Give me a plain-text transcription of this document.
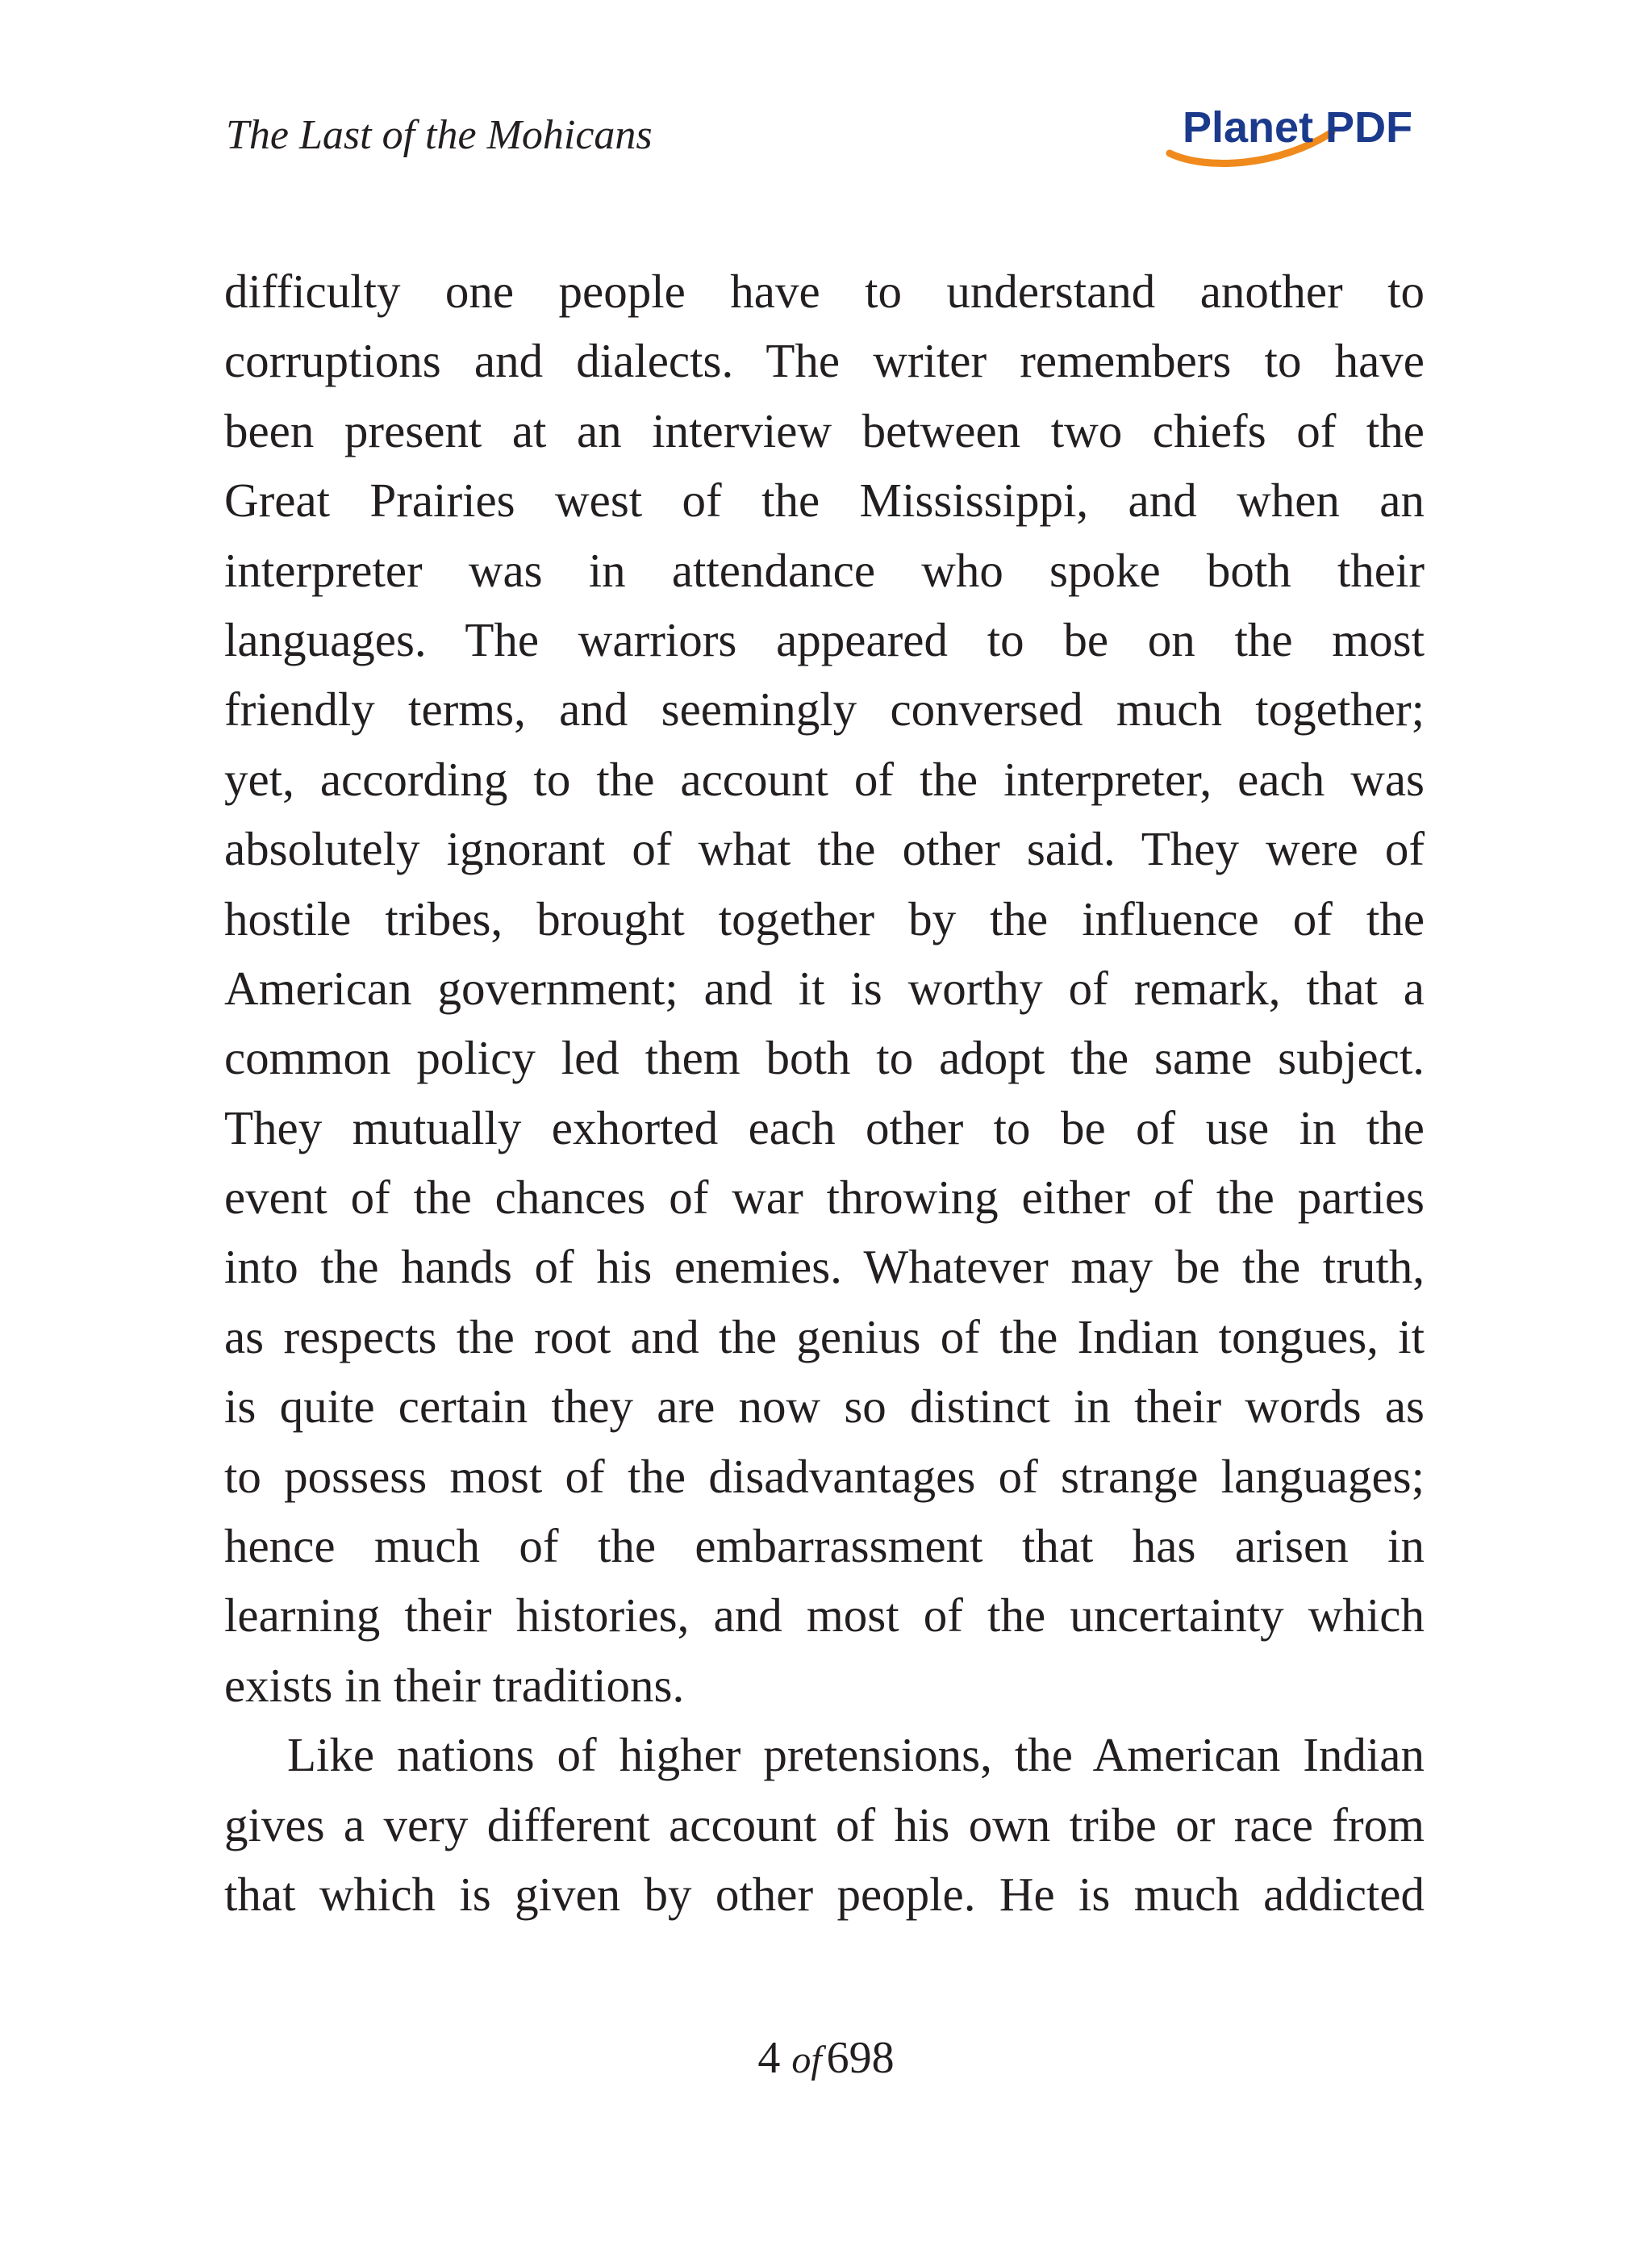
The Last of the Mohicans	Planet PDF
difficulty one people have to understand another to
corruptions and dialects. The writer remembers to have
been present at an interview between two chiefs of the
Great Prairies west of the Mississippi, and when an
interpreter was in attendance who spoke both their
languages. The warriors appeared to be on the most
friendly terms, and seemingly conversed much together;
yet, according to the account of the interpreter, each was
absolutely ignorant of what the other said. They were of
hostile tribes, brought together by the influence of the
American government; and it is worthy of remark, that a
common policy led them both to adopt the same subject.
They mutually exhorted each other to be of use in the
event of the chances of war throwing either of the parties
into the hands of his enemies. Whatever may be the truth,
as respects the root and the genius of the Indian tongues, it
is quite certain they are now so distinct in their words as
to possess most of the disadvantages of strange languages;
hence much of the embarrassment that has arisen in
learning their histories, and most of the uncertainty which
exists in their traditions.
Like nations of higher pretensions, the American Indian
gives a very different account of his own tribe or race from
that which is given by other people. He is much addicted
4 of 698
